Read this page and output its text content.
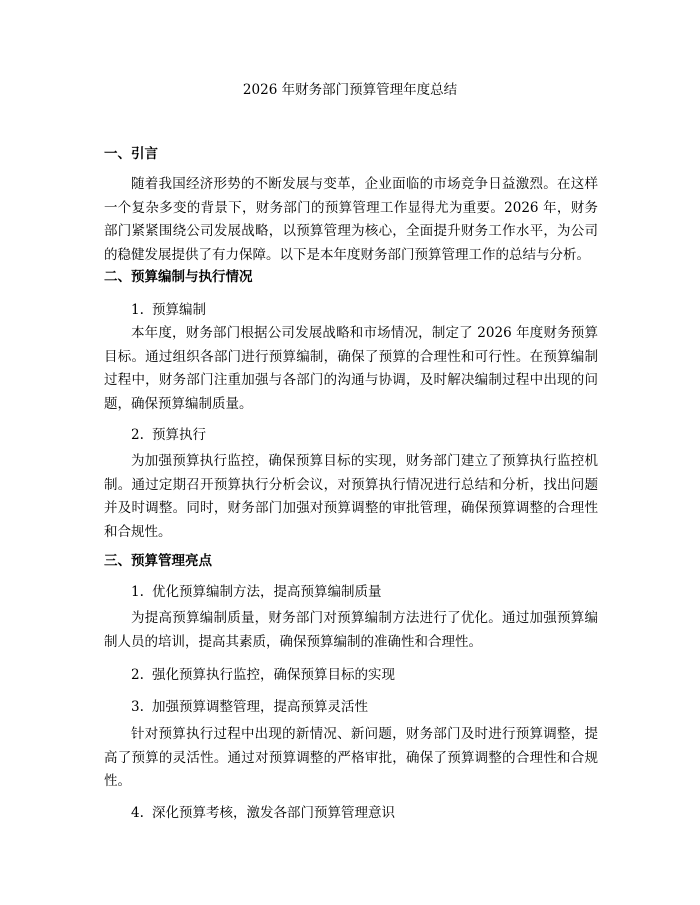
2026 年财务部门预算管理年度总结
一、引言

随着我国经济形势的不断发展与变革，企业面临的市场竞争日益激烈。在这样一个复杂多变的背景下，财务部门的预算管理工作显得尤为重要。2026 年，财务部门紧紧围绕公司发展战略，以预算管理为核心，全面提升财务工作水平，为公司的稳健发展提供了有力保障。以下是本年度财务部门预算管理工作的总结与分析。

二、预算编制与执行情况
1. 预算编制

本年度，财务部门根据公司发展战略和市场情况，制定了 2026 年度财务预算目标。通过组织各部门进行预算编制，确保了预算的合理性和可行性。在预算编制过程中，财务部门注重加强与各部门的沟通与协调，及时解决编制过程中出现的问题，确保预算编制质量。

2. 预算执行

为加强预算执行监控，确保预算目标的实现，财务部门建立了预算执行监控机制。通过定期召开预算执行分析会议，对预算执行情况进行总结和分析，找出问题并及时调整。同时，财务部门加强对预算调整的审批管理，确保预算调整的合理性和合规性。

三、预算管理亮点
1. 优化预算编制方法，提高预算编制质量

为提高预算编制质量，财务部门对预算编制方法进行了优化。通过加强预算编制人员的培训，提高其素质，确保预算编制的准确性和合理性。

2. 强化预算执行监控，确保预算目标的实现
3. 加强预算调整管理，提高预算灵活性

针对预算执行过程中出现的新情况、新问题，财务部门及时进行预算调整，提高了预算的灵活性。通过对预算调整的严格审批，确保了预算调整的合理性和合规性。

4. 深化预算考核，激发各部门预算管理意识
